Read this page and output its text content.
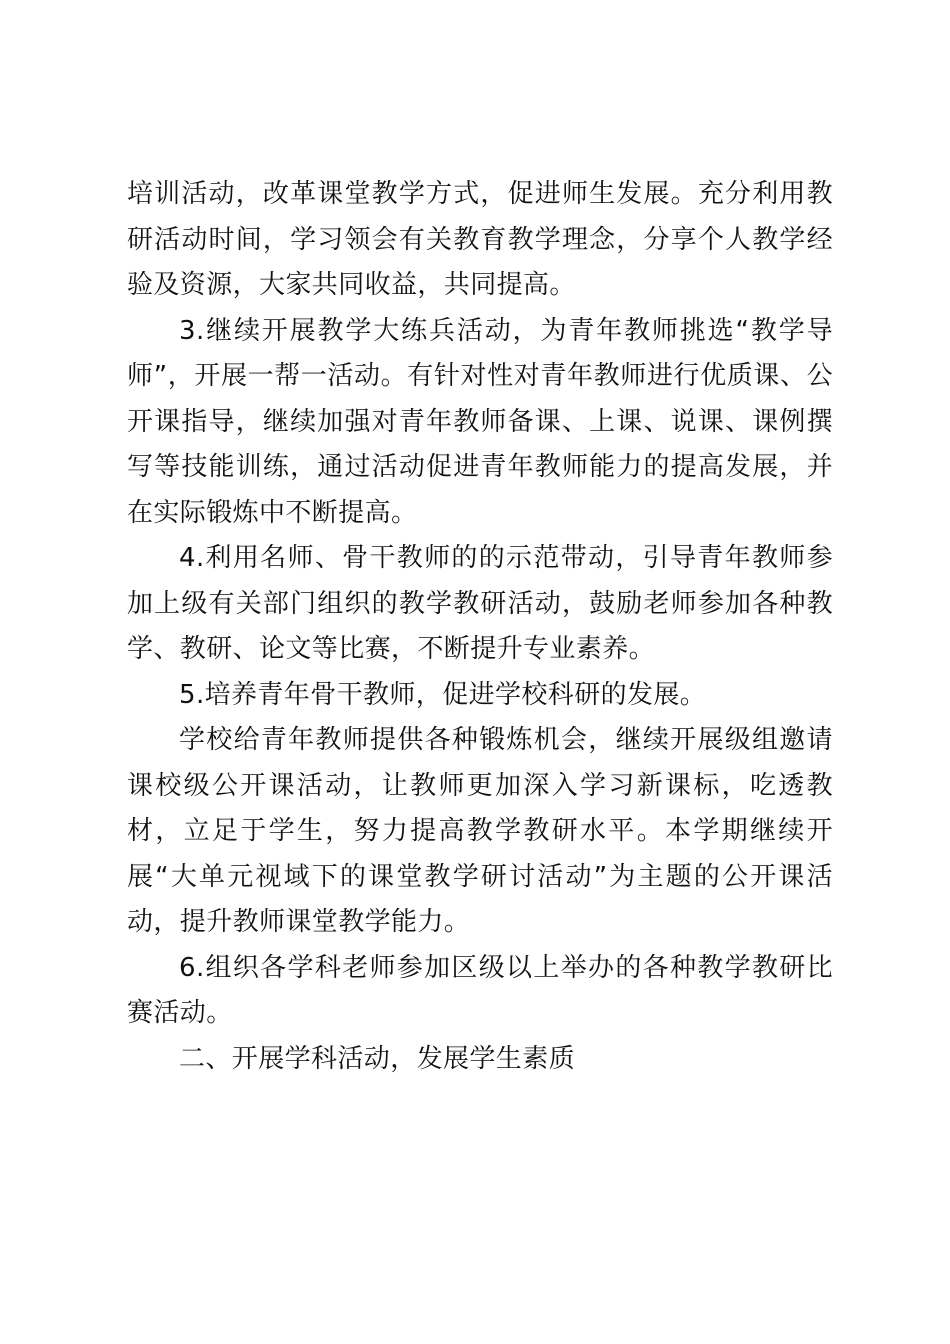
培训活动，改革课堂教学方式，促进师生发展。充分利用教研活动时间，学习领会有关教育教学理念，分享个人教学经验及资源，大家共同收益，共同提高。

3.继续开展教学大练兵活动，为青年教师挑选“教学导师”，开展一帮一活动。有针对性对青年教师进行优质课、公开课指导，继续加强对青年教师备课、上课、说课、课例撰写等技能训练，通过活动促进青年教师能力的提高发展，并在实际锻炼中不断提高。

4.利用名师、骨干教师的的示范带动，引导青年教师参加上级有关部门组织的教学教研活动，鼓励老师参加各种教学、教研、论文等比赛，不断提升专业素养。

5.培养青年骨干教师，促进学校科研的发展。

学校给青年教师提供各种锻炼机会，继续开展级组邀请课校级公开课活动，让教师更加深入学习新课标，吃透教材，立足于学生，努力提高教学教研水平。本学期继续开展“大单元视域下的课堂教学研讨活动”为主题的公开课活动，提升教师课堂教学能力。

6.组织各学科老师参加区级以上举办的各种教学教研比赛活动。

二、开展学科活动，发展学生素质
